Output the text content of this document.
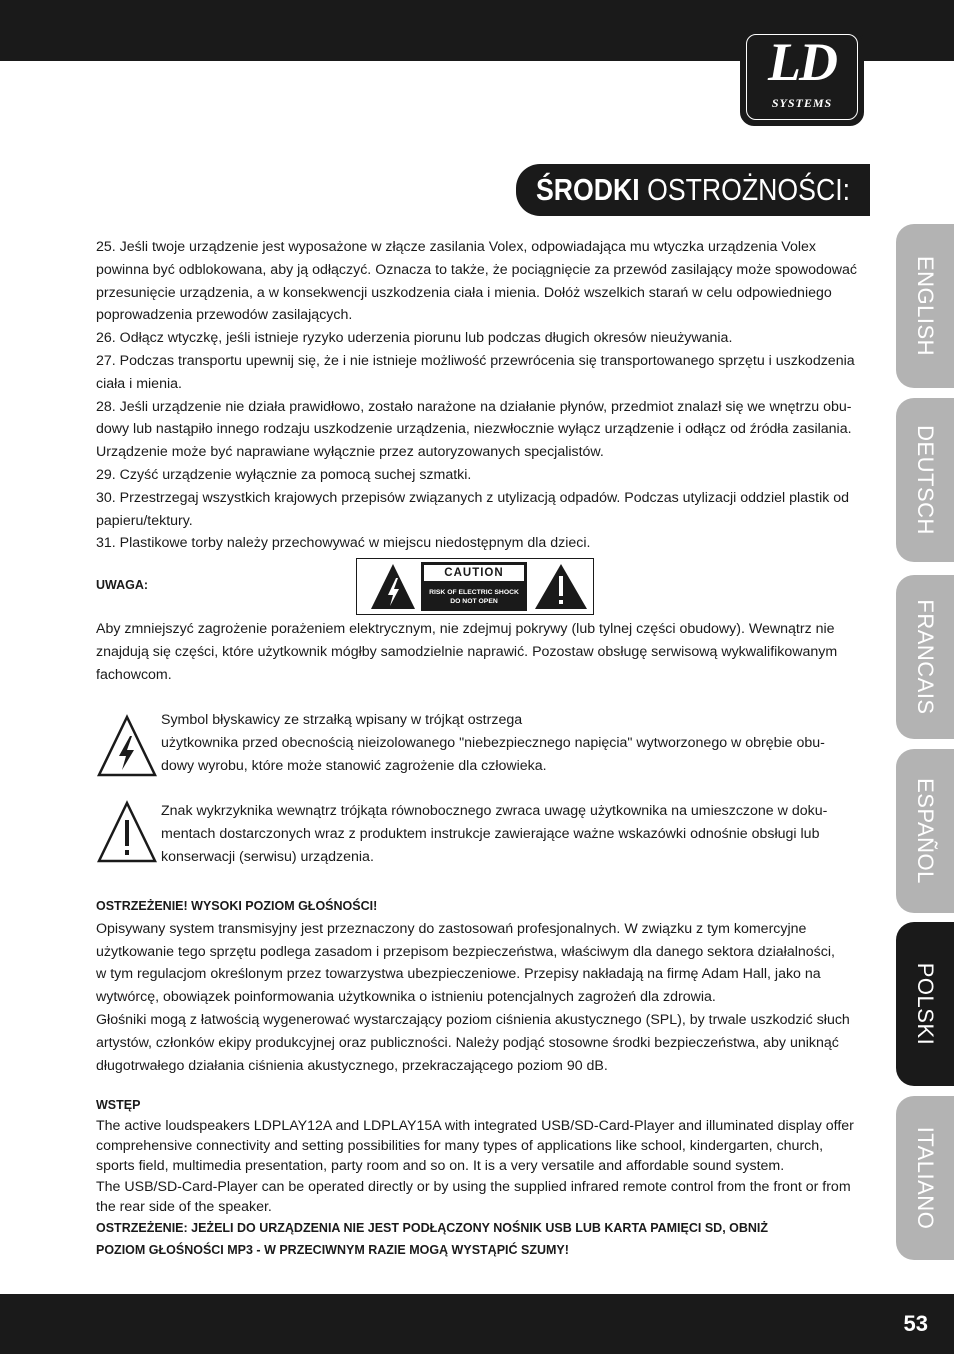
LD
SYSTEMS
ŚRODKI OSTROŻNOŚCI:
ENGLISH
DEUTSCH
FRANCAIS
ESPAÑOL
POLSKI
ITALIANO

25. Jeśli twoje urządzenie jest wyposażone w złącze zasilania Volex, odpowiadająca mu wtyczka urządzenia Volex

powinna być odblokowana, aby ją odłączyć. Oznacza to także, że pociągnięcie za przewód zasilający może spowodować

przesunięcie urządzenia, a w konsekwencji uszkodzenia ciała i mienia. Dołóż wszelkich starań w celu odpowiedniego

poprowadzenia przewodów zasilających.

26. Odłącz wtyczkę, jeśli istnieje ryzyko uderzenia piorunu lub podczas długich okresów nieużywania.

27. Podczas transportu upewnij się, że i nie istnieje możliwość przewrócenia się transportowanego sprzętu i uszkodzenia

ciała i mienia.

28. Jeśli urządzenie nie działa prawidłowo, zostało narażone na działanie płynów, przedmiot znalazł się we wnętrzu obu-

dowy lub nastąpiło innego rodzaju uszkodzenie urządzenia, niezwłocznie wyłącz urządzenie i odłącz od źródła zasilania.

Urządzenie może być naprawiane wyłącznie przez autoryzowanych specjalistów.

29. Czyść urządzenie wyłącznie za pomocą suchej szmatki.

30. Przestrzegaj wszystkich krajowych przepisów związanych z utylizacją odpadów. Podczas utylizacji oddziel plastik od

papieru/tektury.

31. Plastikowe torby należy przechowywać w miejscu niedostępnym dla dzieci.

UWAGA:
CAUTION
RISK OF ELECTRIC SHOCK
DO NOT OPEN

Aby zmniejszyć zagrożenie porażeniem elektrycznym, nie zdejmuj pokrywy (lub tylnej części obudowy). Wewnątrz nie

znajdują się części, które użytkownik mógłby samodzielnie naprawić. Pozostaw obsługę serwisową wykwalifikowanym

fachowcom.

Symbol błyskawicy ze strzałką wpisany w trójkąt ostrzega

użytkownika przed obecnością nieizolowanego "niebezpiecznego napięcia" wytworzonego w obrębie obu-

dowy wyrobu, które może stanowić zagrożenie dla człowieka.

Znak wykrzyknika wewnątrz trójkąta równobocznego zwraca uwagę użytkownika na umieszczone w doku-

mentach dostarczonych wraz z produktem instrukcje zawierające ważne wskazówki odnośnie obsługi lub

konserwacji (serwisu) urządzenia.

OSTRZEŻENIE! WYSOKI POZIOM GŁOŚNOŚCI!

Opisywany system transmisyjny jest przeznaczony do zastosowań profesjonalnych. W związku z tym komercyjne

użytkowanie tego sprzętu podlega zasadom i przepisom bezpieczeństwa, właściwym dla danego sektora działalności,

w tym regulacjom określonym przez towarzystwa ubezpieczeniowe. Przepisy nakładają na firmę Adam Hall, jako na

wytwórcę, obowiązek poinformowania użytkownika o istnieniu potencjalnych zagrożeń dla zdrowia.

Głośniki mogą z łatwością wygenerować wystarczający poziom ciśnienia akustycznego (SPL), by trwale uszkodzić słuch

artystów, członków ekipy produkcyjnej oraz publiczności. Należy podjąć stosowne środki bezpieczeństwa, aby uniknąć

długotrwałego działania ciśnienia akustycznego, przekraczającego poziom 90 dB.

WSTĘP

The active loudspeakers LDPLAY12A and LDPLAY15A with integrated USB/SD-Card-Player and illuminated display offer

comprehensive connectivity and setting possibilities for many types of applications like school, kindergarten, church,

sports field, multimedia presentation, party room and so on. It is a very versatile and affordable sound system.

The USB/SD-Card-Player can be operated directly or by using the supplied infrared remote control from the front or from

the rear side of the speaker.

OSTRZEŻENIE: JEŻELI DO URZĄDZENIA NIE JEST PODŁĄCZONY NOŚNIK USB LUB KARTA PAMIĘCI SD, OBNIŻ

POZIOM GŁOŚNOŚCI MP3 - W PRZECIWNYM RAZIE MOGĄ WYSTĄPIĆ SZUMY!

53
